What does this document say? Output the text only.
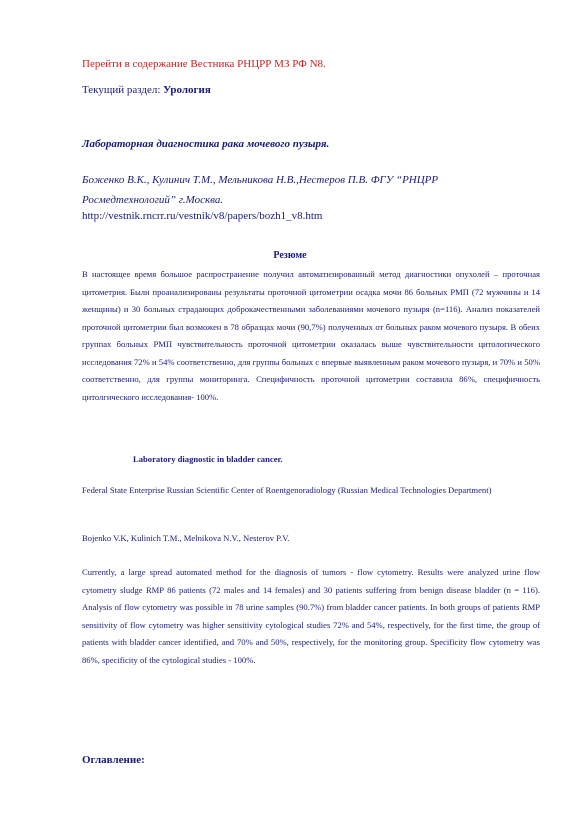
Перейти в содержание Вестника РНЦРР МЗ РФ N8.
Текущий раздел: Урология
Лабораторная диагностика рака мочевого пузыря.
Боженко В.К., Кулинич Т.М., Мельникова Н.В.,Нестеров П.В. ФГУ “РНЦРР Росмедтехнологий” г.Москва.
http://vestnik.rncrr.ru/vestnik/v8/papers/bozh1_v8.htm
Резюме
В настоящее время большое распространение получил автоматизированный метод диагностики опухолей – проточная цитометрия. Были проанализированы результаты проточной цитометрии осадка мочи 86 больных РМП (72 мужчины и 14 женщины) и 30 больных страдающих доброкачественными заболеваниями мочевого пузыря (n=116). Анализ показателей проточной цитометрии был возможен в 78 образцах мочи (90,7%) полученных от больных раком мочевого пузыря. В обеих группах больных РМП чувствительность проточной цитометрии оказалась выше чувствительности цитологического исследования 72% и 54% соответственно, для группы больных с впервые выявленным раком мочевого пузыря, и 70% и 50% соответственно, для группы мониторинга. Специфичность проточной цитометрии составила 86%, специфичность цитолгического исследования- 100%.
Laboratory diagnostic in bladder cancer.
Federal State Enterprise Russian Scientific Center of Roentgenoradiology (Russian Medical Technologies Department)
Bojenko V.K, Kulinich T.M., Melnikova N.V., Nesterov P.V.
Currently, a large spread automated method for the diagnosis of tumors - flow cytometry. Results were analyzed urine flow cytometry sludge RMP 86 patients (72 males and 14 females) and 30 patients suffering from benign disease bladder (n = 116). Analysis of flow cytometry was possible in 78 urine samples (90.7%) from bladder cancer patients. In both groups of patients RMP sensitivity of flow cytometry was higher sensitivity cytological studies 72% and 54%, respectively, for the first time, the group of patients with bladder cancer identified, and 70% and 50%, respectively, for the monitoring group. Specificity flow cytometry was 86%, specificity of the cytological studies - 100%.
Оглавление:
